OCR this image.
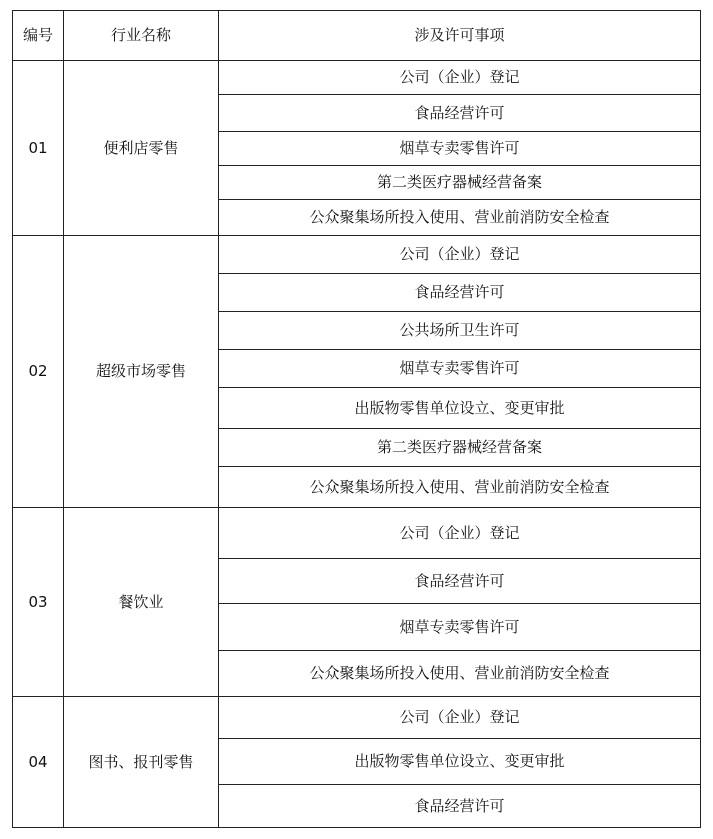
编号	行业名称	涉及许可事项
01	便利店零售	公司（企业）登记
		食品经营许可
		烟草专卖零售许可
		第二类医疗器械经营备案
		公众聚集场所投入使用、营业前消防安全检查
02	超级市场零售	公司（企业）登记
		食品经营许可
		公共场所卫生许可
		烟草专卖零售许可
		出版物零售单位设立、变更审批
		第二类医疗器械经营备案
		公众聚集场所投入使用、营业前消防安全检查
03	餐饮业	公司（企业）登记
		食品经营许可
		烟草专卖零售许可
		公众聚集场所投入使用、营业前消防安全检查
04	图书、报刊零售	公司（企业）登记
		出版物零售单位设立、变更审批
		食品经营许可
